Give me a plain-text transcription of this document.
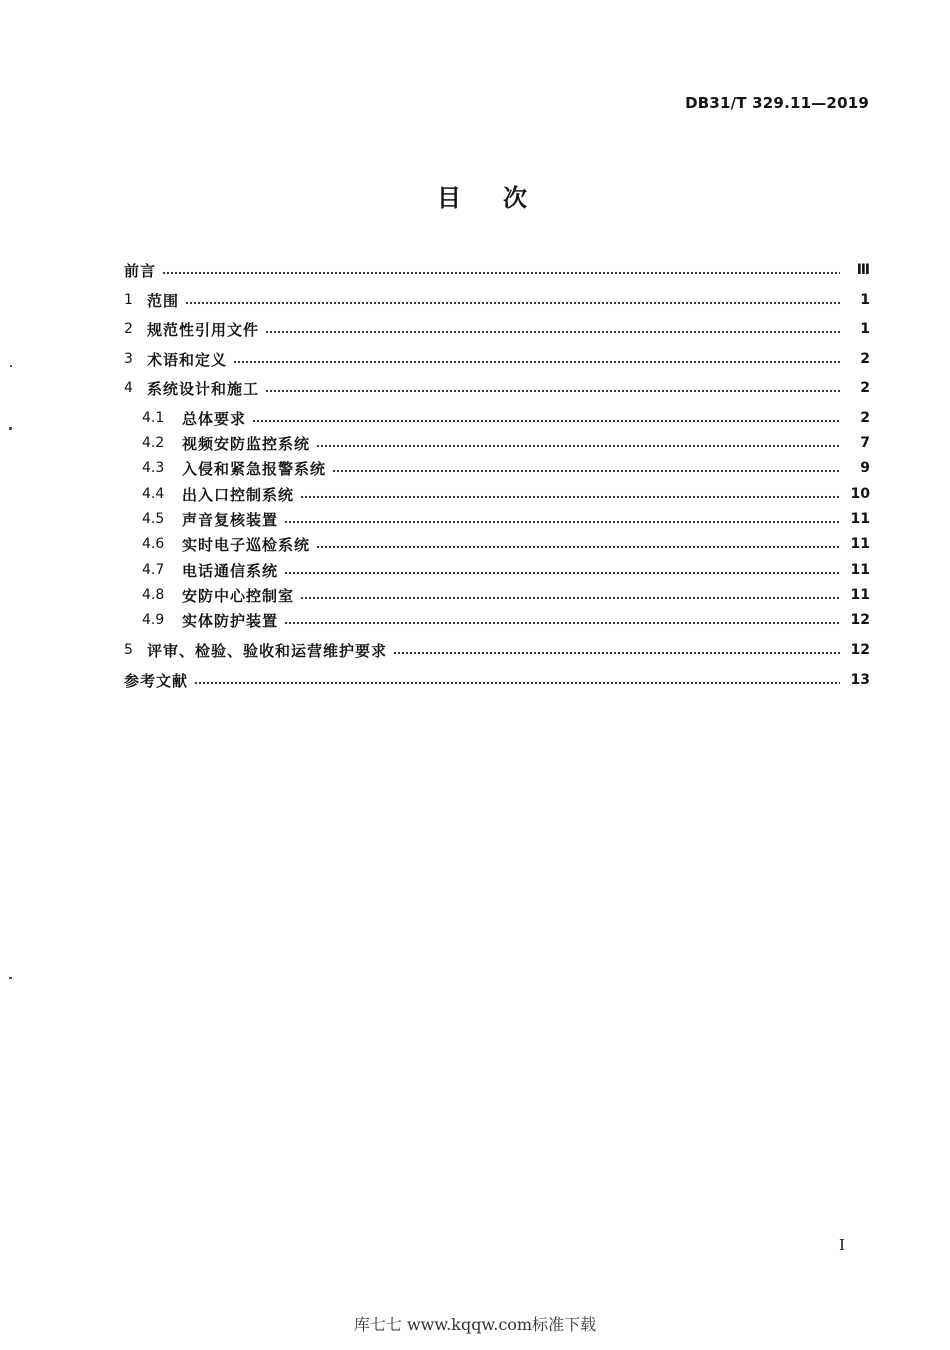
DB31/T 329.11—2019
目次
前言	Ⅲ
1 范围	1
2 规范性引用文件	1
3 术语和定义	2
4 系统设计和施工	2
4.1	总体要求	2
4.2	视频安防监控系统	7
4.3	入侵和紧急报警系统	9
4.4	出入口控制系统	10
4.5	声音复核装置	11
4.6	实时电子巡检系统	11
4.7	电话通信系统	11
4.8	安防中心控制室	11
4.9	实体防护装置	12
5 评审、检验、验收和运营维护要求	12
参考文献	13
I
库七七 www.kqqw.com标准下载
